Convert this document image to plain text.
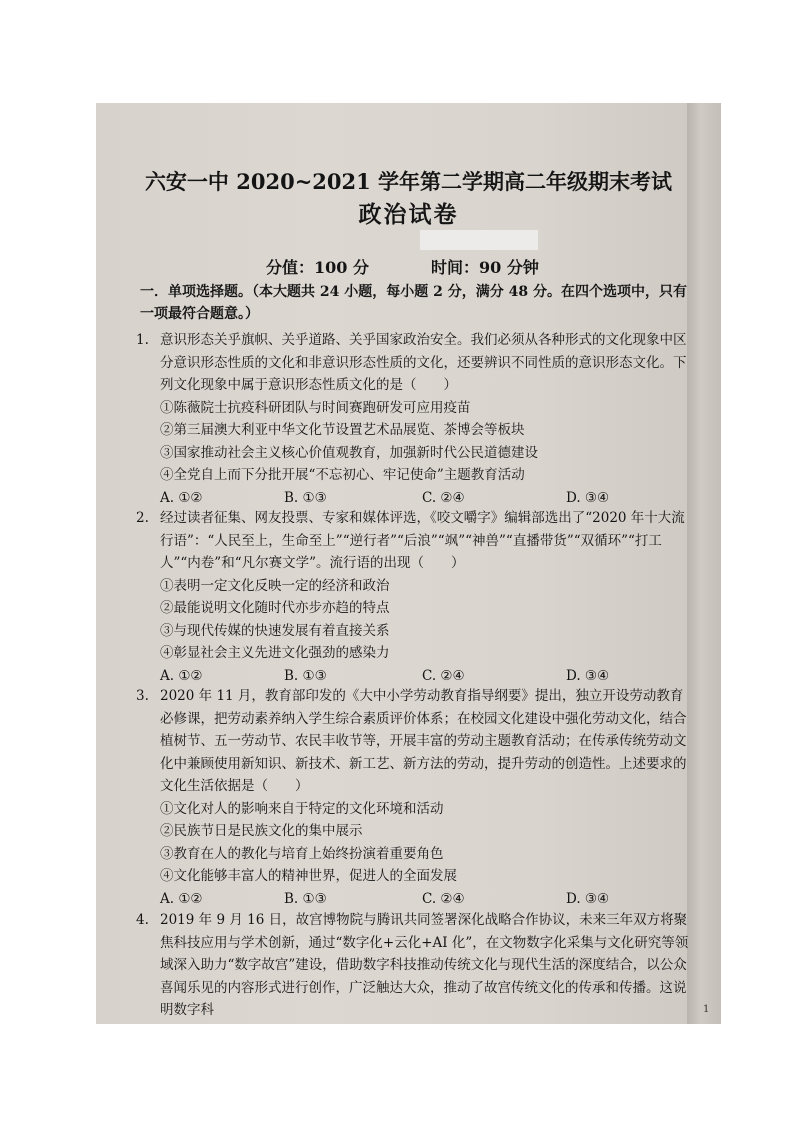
六安一中 2020~2021 学年第二学期高二年级期末考试
政治试卷
分值：100 分	时间：90 分钟
一．单项选择题。（本大题共 24 小题，每小题 2 分，满分 48 分。在四个选项中，只有一项最符合题意。）
1. 意识形态关乎旗帜、关乎道路、关乎国家政治安全。我们必须从各种形式的文化现象中区分意识形态性质的文化和非意识形态性质的文化，还要辨识不同性质的意识形态文化。下列文化现象中属于意识形态性质文化的是（　　）
①陈薇院士抗疫科研团队与时间赛跑研发可应用疫苗
②第三届澳大利亚中华文化节设置艺术品展览、茶博会等板块
③国家推动社会主义核心价值观教育，加强新时代公民道德建设
④全党自上而下分批开展“不忘初心、牢记使命”主题教育活动
A. ①②	B. ①③	C. ②④	D. ③④
2. 经过读者征集、网友投票、专家和媒体评选，《咬文嚼字》编辑部选出了“2020 年十大流行语”：“人民至上，生命至上”“逆行者”“后浪”“飒”“神兽”“直播带货”“双循环”“打工人”“内卷”和“凡尔赛文学”。流行语的出现（　　）
①表明一定文化反映一定的经济和政治
②最能说明文化随时代亦步亦趋的特点
③与现代传媒的快速发展有着直接关系
④彰显社会主义先进文化强劲的感染力
A. ①②	B. ①③	C. ②④	D. ③④
3. 2020 年 11 月，教育部印发的《大中小学劳动教育指导纲要》提出，独立开设劳动教育必修课，把劳动素养纳入学生综合素质评价体系；在校园文化建设中强化劳动文化，结合植树节、五一劳动节、农民丰收节等，开展丰富的劳动主题教育活动；在传承传统劳动文化中兼顾使用新知识、新技术、新工艺、新方法的劳动，提升劳动的创造性。上述要求的文化生活依据是（　　）
①文化对人的影响来自于特定的文化环境和活动
②民族节日是民族文化的集中展示
③教育在人的教化与培育上始终扮演着重要角色
④文化能够丰富人的精神世界，促进人的全面发展
A. ①②	B. ①③	C. ②④	D. ③④
4. 2019 年 9 月 16 日，故宫博物院与腾讯共同签署深化战略合作协议，未来三年双方将聚焦科技应用与学术创新，通过“数字化+云化+AI 化”，在文物数字化采集与文化研究等领域深入助力“数字故宫”建设，借助数字科技推动传统文化与现代生活的深度结合，以公众喜闻乐见的内容形式进行创作，广泛触达大众，推动了故宫传统文化的传承和传播。这说明数字科	1
